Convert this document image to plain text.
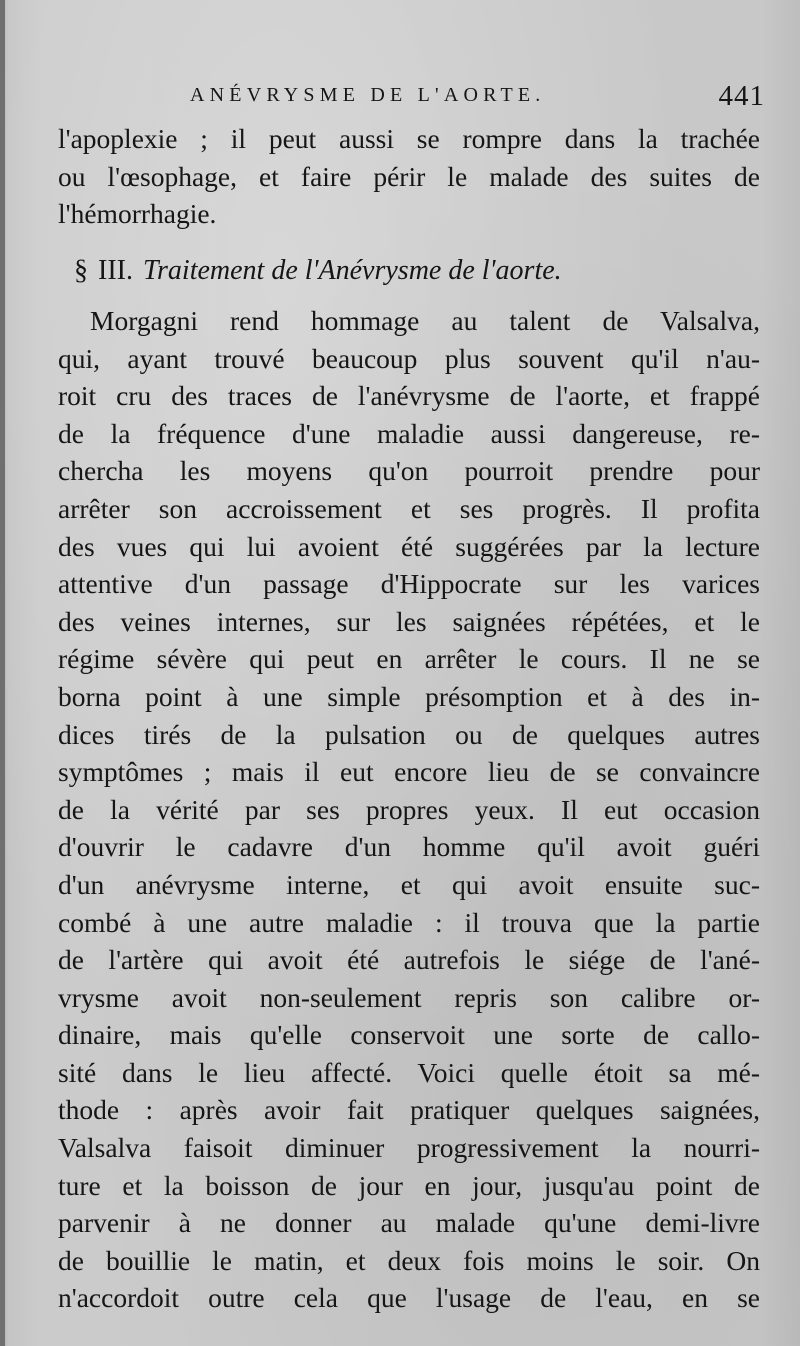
ANÉVRYSME DE L'AORTE.	441
l'apoplexie ; il peut aussi se rompre dans la trachée
ou l'œsophage, et faire périr le malade des suites de
l'hémorrhagie.
§ III. Traitement de l'Anévrysme de l'aorte.
Morgagni rend hommage au talent de Valsalva,
qui, ayant trouvé beaucoup plus souvent qu'il n'au-
roit cru des traces de l'anévrysme de l'aorte, et frappé
de la fréquence d'une maladie aussi dangereuse, re-
chercha les moyens qu'on pourroit prendre pour
arrêter son accroissement et ses progrès. Il profita
des vues qui lui avoient été suggérées par la lecture
attentive d'un passage d'Hippocrate sur les varices
des veines internes, sur les saignées répétées, et le
régime sévère qui peut en arrêter le cours. Il ne se
borna point à une simple présomption et à des in-
dices tirés de la pulsation ou de quelques autres
symptômes ; mais il eut encore lieu de se convaincre
de la vérité par ses propres yeux. Il eut occasion
d'ouvrir le cadavre d'un homme qu'il avoit guéri
d'un anévrysme interne, et qui avoit ensuite suc-
combé à une autre maladie : il trouva que la partie
de l'artère qui avoit été autrefois le siége de l'ané-
vrysme avoit non-seulement repris son calibre or-
dinaire, mais qu'elle conservoit une sorte de callo-
sité dans le lieu affecté. Voici quelle étoit sa mé-
thode : après avoir fait pratiquer quelques saignées,
Valsalva faisoit diminuer progressivement la nourri-
ture et la boisson de jour en jour, jusqu'au point de
parvenir à ne donner au malade qu'une demi-livre
de bouillie le matin, et deux fois moins le soir. On
n'accordoit outre cela que l'usage de l'eau, en se
